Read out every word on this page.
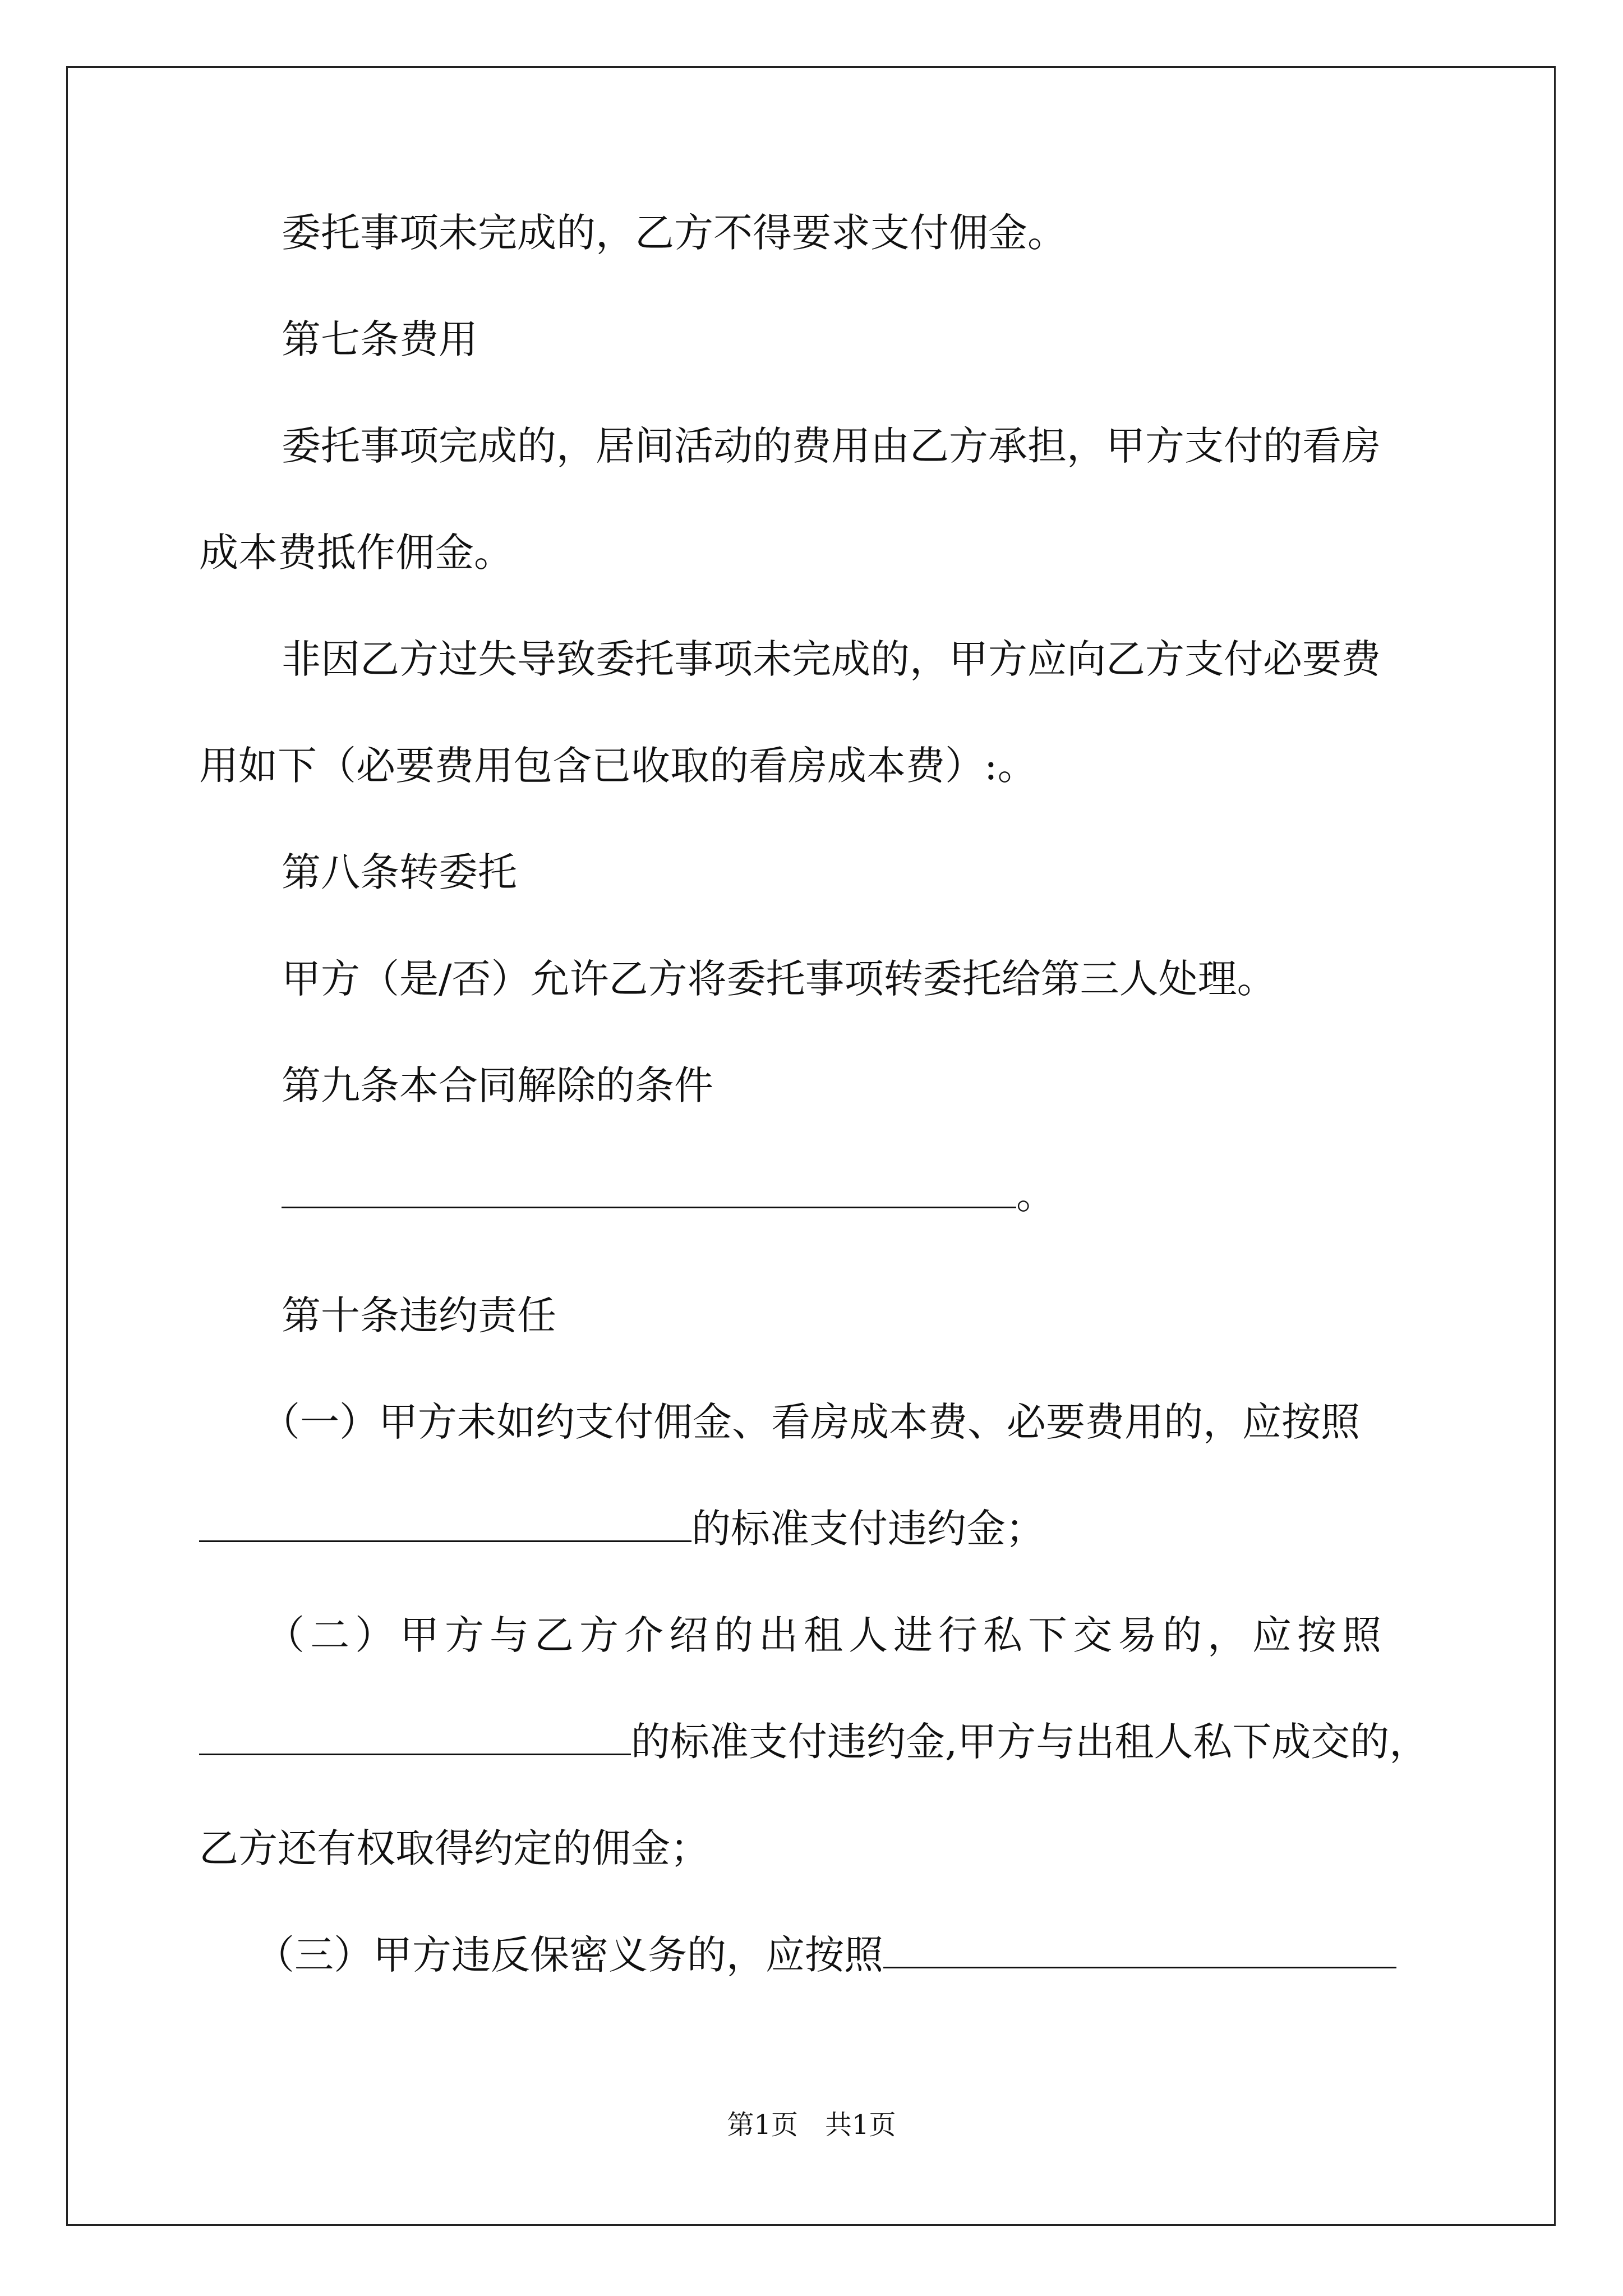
委托事项未完成的，乙方不得要求支付佣金。
第七条费用
委托事项完成的，居间活动的费用由乙方承担，甲方支付的看房
成本费抵作佣金。
非因乙方过失导致委托事项未完成的，甲方应向乙方支付必要费
用如下（必要费用包含已收取的看房成本费）:。
第八条转委托
甲方（是/否）允许乙方将委托事项转委托给第三人处理。
第九条本合同解除的条件
。
第十条违约责任
（一）甲方未如约支付佣金、看房成本费、必要费用的，应按照
的标准支付违约金；
（二）甲方与乙方介绍的出租人进行私下交易的，应按照
的标准支付违约金,甲方与出租人私下成交的，
乙方还有权取得约定的佣金；
（三）甲方违反保密义务的，应按照
第1页　共1页
